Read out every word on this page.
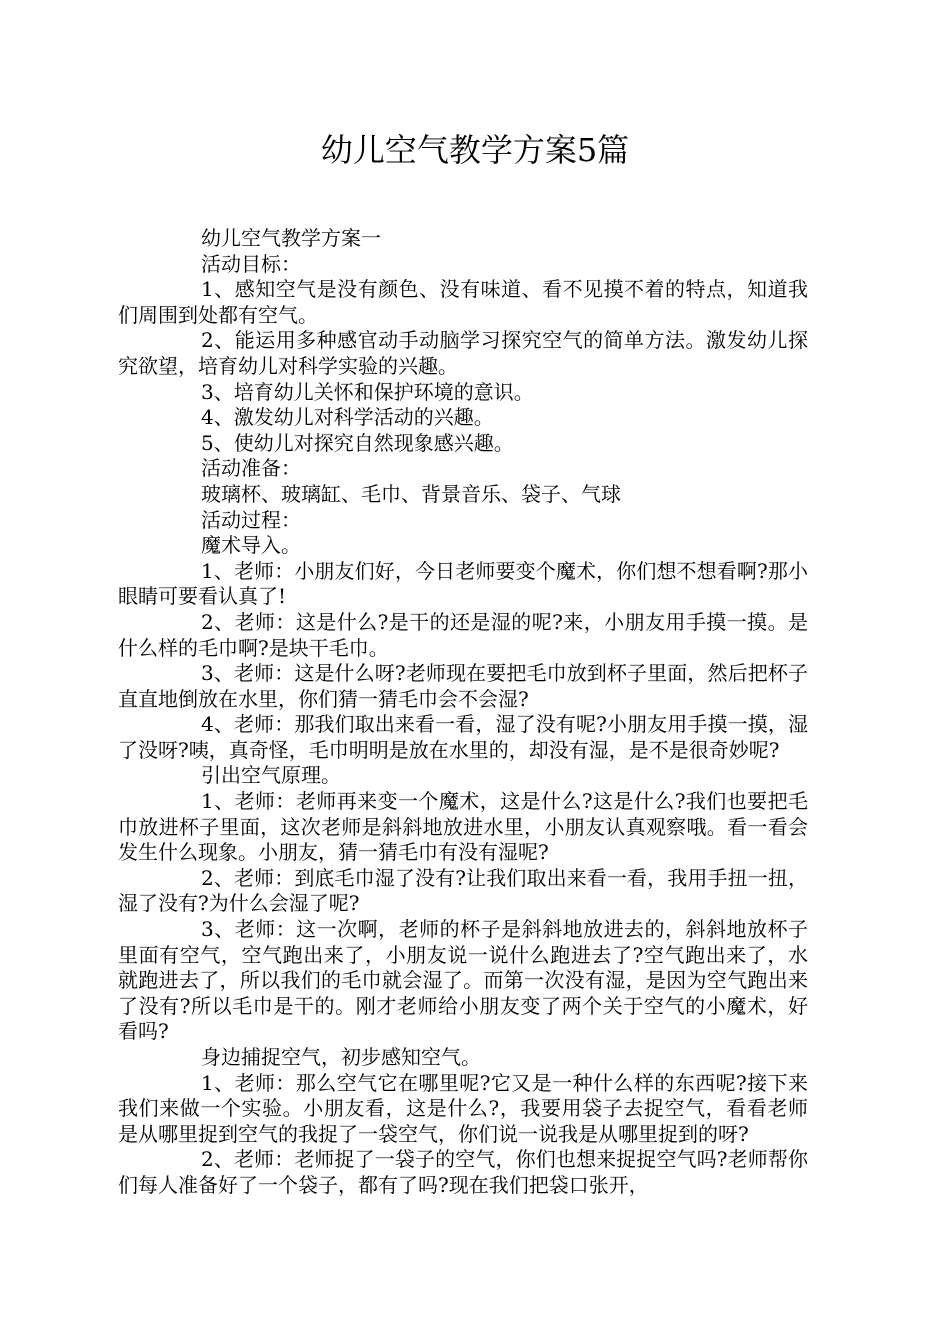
幼儿空气教学方案5篇

幼儿空气教学方案一

活动目标：

1、感知空气是没有颜色、没有味道、看不见摸不着的特点，知道我们周围到处都有空气。

2、能运用多种感官动手动脑学习探究空气的简单方法。激发幼儿探究欲望，培育幼儿对科学实验的兴趣。

3、培育幼儿关怀和保护环境的意识。

4、激发幼儿对科学活动的兴趣。

5、使幼儿对探究自然现象感兴趣。

活动准备：

玻璃杯、玻璃缸、毛巾、背景音乐、袋子、气球

活动过程：

魔术导入。

1、老师：小朋友们好，今日老师要变个魔术，你们想不想看啊?那小眼睛可要看认真了!

2、老师：这是什么?是干的还是湿的呢?来，小朋友用手摸一摸。是什么样的毛巾啊?是块干毛巾。

3、老师：这是什么呀?老师现在要把毛巾放到杯子里面，然后把杯子直直地倒放在水里，你们猜一猜毛巾会不会湿?

4、老师：那我们取出来看一看，湿了没有呢?小朋友用手摸一摸，湿了没呀?咦，真奇怪，毛巾明明是放在水里的，却没有湿，是不是很奇妙呢?

引出空气原理。

1、老师：老师再来变一个魔术，这是什么?这是什么?我们也要把毛巾放进杯子里面，这次老师是斜斜地放进水里，小朋友认真观察哦。看一看会发生什么现象。小朋友，猜一猜毛巾有没有湿呢?

2、老师：到底毛巾湿了没有?让我们取出来看一看，我用手扭一扭，湿了没有?为什么会湿了呢?

3、老师：这一次啊，老师的杯子是斜斜地放进去的，斜斜地放杯子里面有空气，空气跑出来了，小朋友说一说什么跑进去了?空气跑出来了，水就跑进去了，所以我们的毛巾就会湿了。而第一次没有湿，是因为空气跑出来了没有?所以毛巾是干的。刚才老师给小朋友变了两个关于空气的小魔术，好看吗?

身边捕捉空气，初步感知空气。

1、老师：那么空气它在哪里呢?它又是一种什么样的东西呢?接下来我们来做一个实验。小朋友看，这是什么?，我要用袋子去捉空气，看看老师是从哪里捉到空气的我捉了一袋空气，你们说一说我是从哪里捉到的呀?

2、老师：老师捉了一袋子的空气，你们也想来捉捉空气吗?老师帮你们每人准备好了一个袋子，都有了吗?现在我们把袋口张开，
